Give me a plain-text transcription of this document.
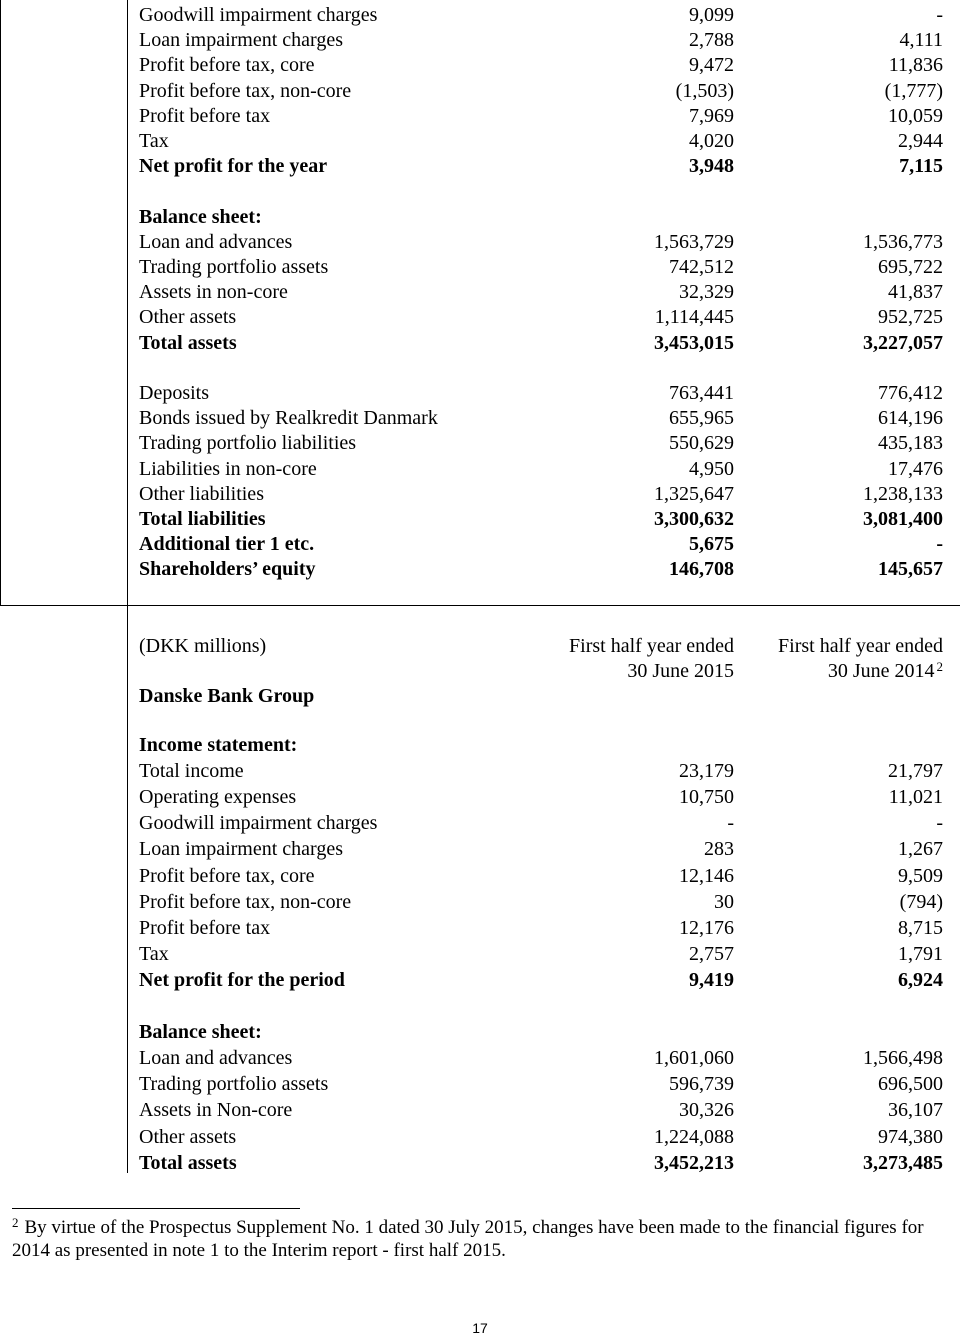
Goodwill impairment charges	9,099	-
Loan impairment charges	2,788	4,111
Profit before tax, core	9,472	11,836
Profit before tax, non-core	(1,503)	(1,777)
Profit before tax	7,969	10,059
Tax	4,020	2,944
Net profit for the year	3,948	7,115
Balance sheet:
Loan and advances	1,563,729	1,536,773
Trading portfolio assets	742,512	695,722
Assets in non-core	32,329	41,837
Other assets	1,114,445	952,725
Total assets	3,453,015	3,227,057
Deposits	763,441	776,412
Bonds issued by Realkredit Danmark	655,965	614,196
Trading portfolio liabilities	550,629	435,183
Liabilities in non-core	4,950	17,476
Other liabilities	1,325,647	1,238,133
Total liabilities	3,300,632	3,081,400
Additional tier 1 etc.	5,675	-
Shareholders’ equity	146,708	145,657
(DKK millions)	First half year ended First half year ended
30 June 2015	30 June 2014 $^2$
Danske Bank Group
Income statement:
Total income	23,179	21,797
Operating expenses	10,750	11,021
Goodwill impairment charges	-	-
Loan impairment charges	283	1,267
Profit before tax, core	12,146	9,509
Profit before tax, non-core	30	(794)
Profit before tax	12,176	8,715
Tax	2,757	1,791
Net profit for the period	9,419	6,924
Balance sheet:
Loan and advances	1,601,060	1,566,498
Trading portfolio assets	596,739	696,500
Assets in Non-core	30,326	36,107
Other assets	1,224,088	974,380
Total assets	3,452,213	3,273,485
$^2$ By virtue of the Prospectus Supplement No. 1 dated 30 July 2015, changes have been made to the financial figures for 2014 as presented in note 1 to the Interim report - first half 2015.
17
